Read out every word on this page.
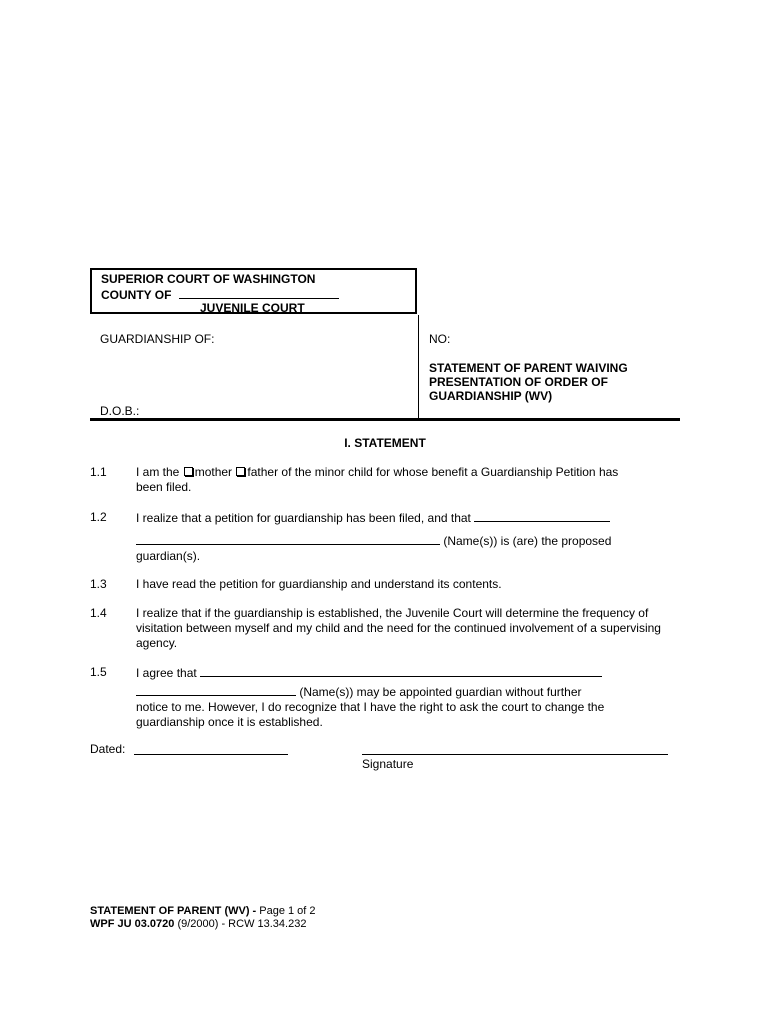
SUPERIOR COURT OF WASHINGTON
COUNTY OF
JUVENILE COURT
GUARDIANSHIP OF:
D.O.B.:
NO:
STATEMENT OF PARENT WAIVING
PRESENTATION OF ORDER OF
GUARDIANSHIP (WV)
I. STATEMENT
1.1 I am the mother father of the minor child for whose benefit a Guardianship Petition has
been filed.
1.2 I realize that a petition for guardianship has been filed, and that
(Name(s)) is (are) the proposed
guardian(s).
1.3 I have read the petition for guardianship and understand its contents.
1.4 I realize that if the guardianship is established, the Juvenile Court will determine the frequency of visitation between myself and my child and the need for the continued involvement of a supervising agency.
1.5 I agree that
(Name(s)) may be appointed guardian without further
notice to me. However, I do recognize that I have the right to ask the court to change the
guardianship once it is established.
Dated:
Signature
STATEMENT OF PARENT (WV) - Page 1 of 2
WPF JU 03.0720 (9/2000) - RCW 13.34.232
